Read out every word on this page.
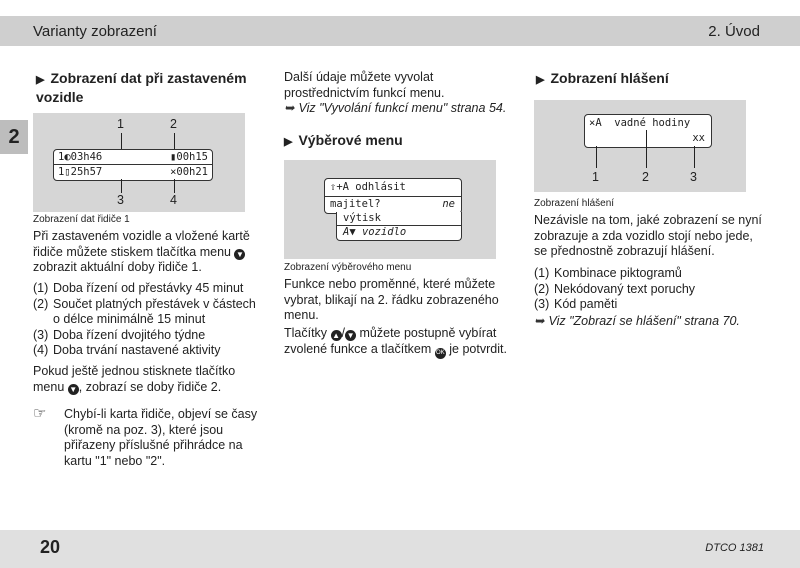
Varianty zobrazení	2. Úvod
2
▶ Zobrazení dat při zastaveném vozidle
1	2
1◐03h46	▮00h15
1▯25h57	⨯00h21
3	4
Zobrazení dat řidiče 1
Při zastaveném vozidle a vložené kartě řidiče můžete stiskem tlačítka menu ▼ zobrazit aktuální doby řidiče 1.
(1) Doba řízení od přestávky 45 minut
(2) Součet platných přestávek v částech o délce minimálně 15 minut
(3) Doba řízení dvojitého týdne
(4) Doba trvání nastavené aktivity
Pokud ještě jednou stisknete tlačítko menu ▼ , zobrazí se doby řidiče 2.
☞	Chybí-li karta řidiče, objeví se časy (kromě na poz. 3), které jsou přiřazeny příslušné přihrádce na kartu "1" nebo "2".
Další údaje můžete vyvolat prostřednictvím funkcí menu.
➥ Viz "Vyvolání funkcí menu" strana 54.
▶ Výběrové menu
⇧+A odhlásit
majitel?	ne
výtisk
A▼ vozidlo
Zobrazení výběrového menu
Funkce nebo proměnné, které můžete vybrat, blikají na 2. řádku zobrazeného menu.
Tlačítky ▲ / ▼ můžete postupně vybírat zvolené funkce a tlačítkem OK je potvrdit.
▶ Zobrazení hlášení
⨯A  vadné hodiny
xx
1	2	3
Zobrazení hlášení
Nezávisle na tom, jaké zobrazení se nyní zobrazuje a zda vozidlo stojí nebo jede, se přednostně zobrazují hlášení.
(1) Kombinace piktogramů
(2) Nekódovaný text poruchy
(3) Kód paměti
➥ Viz "Zobrazí se hlášení" strana 70.
20	DTCO 1381
